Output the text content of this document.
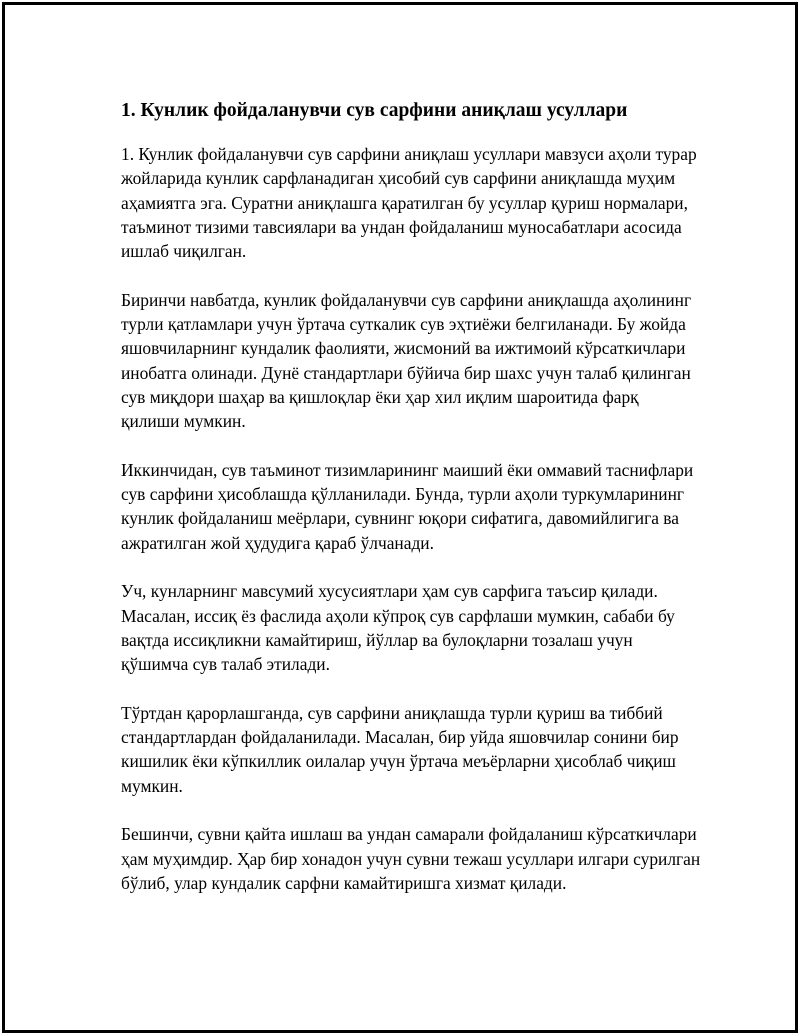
1. Кунлик фойдаланувчи сув сарфини аниқлаш усуллари

1. Кунлик фойдаланувчи сув сарфини аниқлаш усуллари мавзуси аҳоли турар жойларида кунлик сарфланадиган ҳисобий сув сарфини аниқлашда муҳим аҳамиятга эга. Суратни аниқлашга қаратилган бу усуллар қуриш нормалари, таъминот тизими тавсиялари ва ундан фойдаланиш муносабатлари асосида ишлаб чиқилган.

Биринчи навбатда, кунлик фойдаланувчи сув сарфини аниқлашда аҳолининг турли қатламлари учун ўртача суткалик сув эҳтиёжи белгиланади. Бу жойда яшовчиларнинг кундалик фаолияти, жисмоний ва ижтимоий кўрсаткичлари инобатга олинади. Дунё стандартлари бўйича бир шахс учун талаб қилинган сув миқдори шаҳар ва қишлоқлар ёки ҳар хил иқлим шароитида фарқ қилиши мумкин.

Иккинчидан, сув таъминот тизимларининг маиший ёки оммавий таснифлари сув сарфини ҳисоблашда қўлланилади. Бунда, турли аҳоли туркумларининг кунлик фойдаланиш меёрлари, сувнинг юқори сифатига, давомийлигига ва ажратилган жой ҳудудига қараб ўлчанади.

Уч, кунларнинг мавсумий хусусиятлари ҳам сув сарфига таъсир қилади. Масалан, иссиқ ёз фаслида аҳоли кўпроқ сув сарфлаши мумкин, сабаби бу вақтда иссиқликни камайтириш, йўллар ва булоқларни тозалаш учун қўшимча сув талаб этилади.

Тўртдан қарорлашганда, сув сарфини аниқлашда турли қуриш ва тиббий стандартлардан фойдаланилади. Масалан, бир уйда яшовчилар сонини бир кишилик ёки кўпкиллик оилалар учун ўртача меъёрларни ҳисоблаб чиқиш мумкин.

Бешинчи, сувни қайта ишлаш ва ундан самарали фойдаланиш кўрсаткичлари ҳам муҳимдир. Ҳар бир хонадон учун сувни тежаш усуллари илгари сурилган бўлиб, улар кундалик сарфни камайтиришга хизмат қилади.
